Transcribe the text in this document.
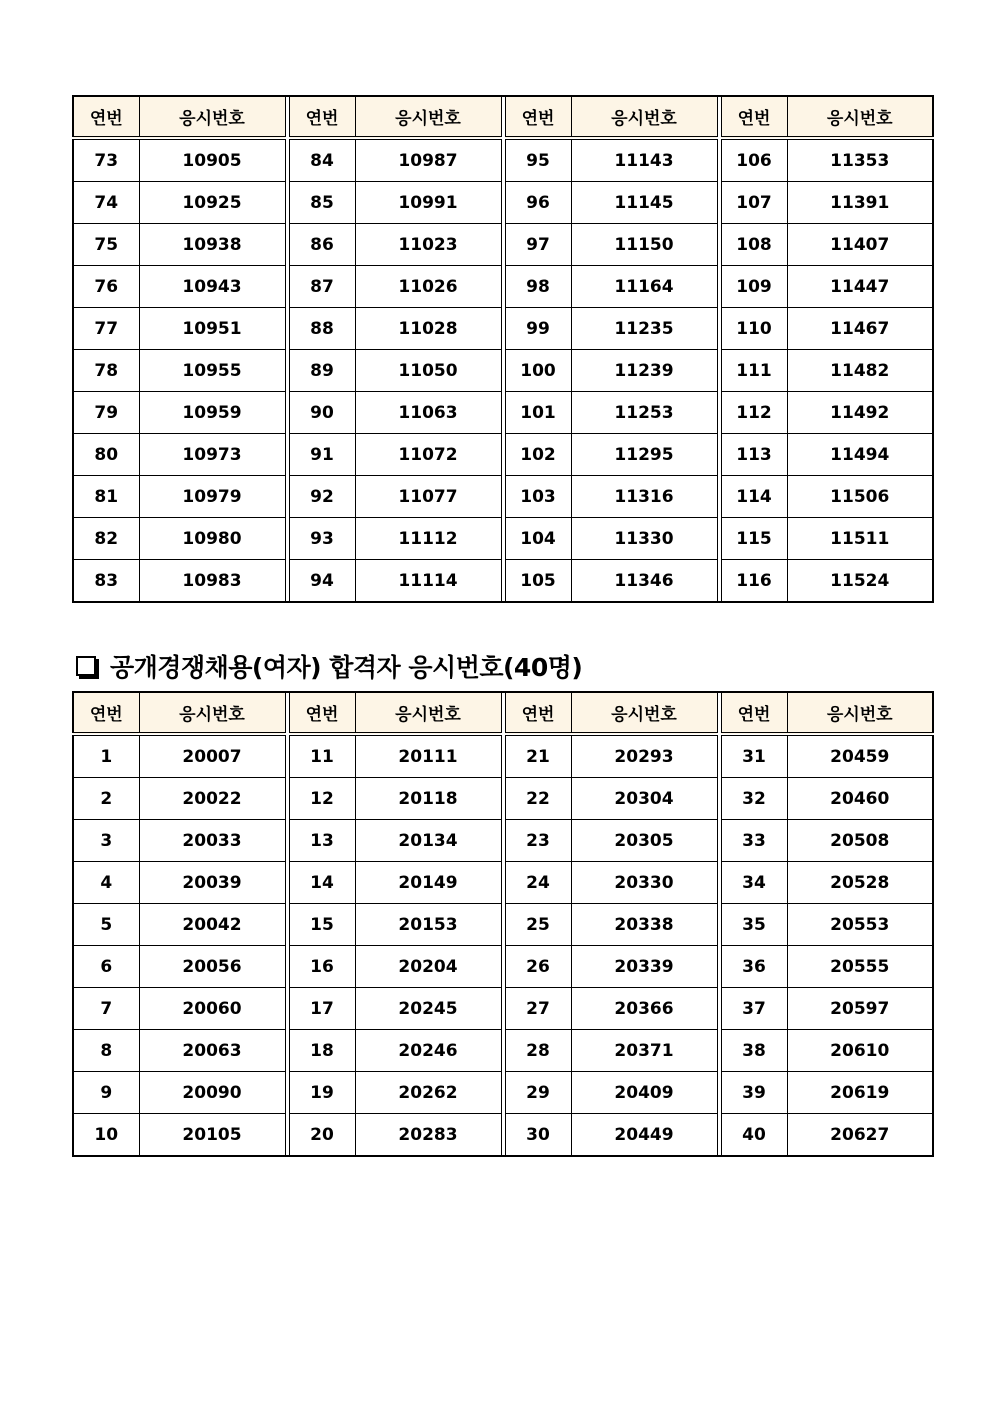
연번	응시번호		연번	응시번호		연번	응시번호		연번	응시번호
73	10905		84	10987		95	11143		106	11353
74	10925		85	10991		96	11145		107	11391
75	10938		86	11023		97	11150		108	11407
76	10943		87	11026		98	11164		109	11447
77	10951		88	11028		99	11235		110	11467
78	10955		89	11050		100	11239		111	11482
79	10959		90	11063		101	11253		112	11492
80	10973		91	11072		102	11295		113	11494
81	10979		92	11077		103	11316		114	11506
82	10980		93	11112		104	11330		115	11511
83	10983		94	11114		105	11346		116	11524
공개경쟁채용(여자) 합격자 응시번호(40명)
연번	응시번호		연번	응시번호		연번	응시번호		연번	응시번호
1	20007		11	20111		21	20293		31	20459
2	20022		12	20118		22	20304		32	20460
3	20033		13	20134		23	20305		33	20508
4	20039		14	20149		24	20330		34	20528
5	20042		15	20153		25	20338		35	20553
6	20056		16	20204		26	20339		36	20555
7	20060		17	20245		27	20366		37	20597
8	20063		18	20246		28	20371		38	20610
9	20090		19	20262		29	20409		39	20619
10	20105		20	20283		30	20449		40	20627
